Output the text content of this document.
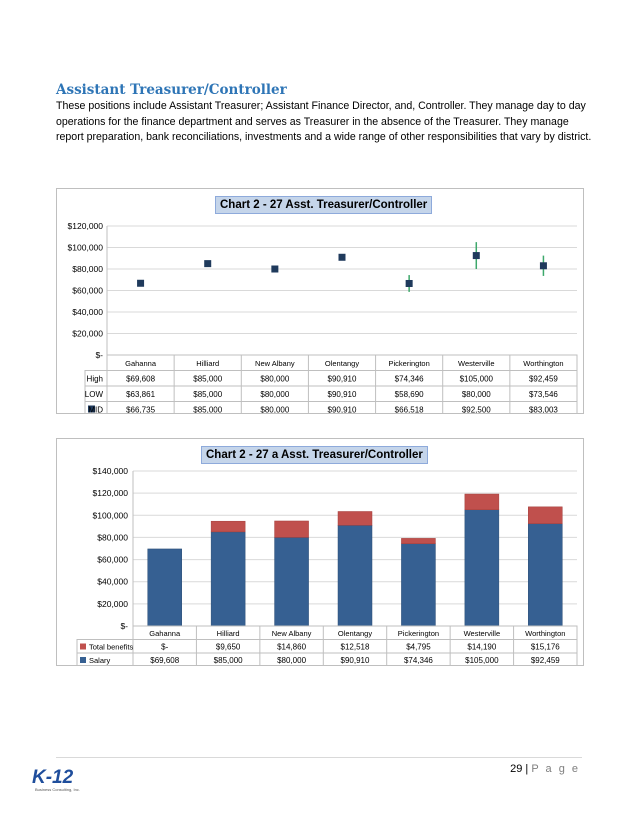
Assistant Treasurer/Controller

These positions include Assistant Treasurer; Assistant Finance Director, and, Controller. They manage day to day operations for the finance department and serves as Treasurer in the absence of the Treasurer. They manage report preparation, bank reconciliations, investments and a wide range of other responsibilities that vary by district.

$-
$20,000
$40,000
$60,000
$80,000
$100,000
$120,000
Gahanna	Hilliard	New Albany	Olentangy	Pickerington	Westerville	Worthington
High	$69,608	$85,000	$80,000	$90,910	$74,346	$105,000	$92,459
LOW	$63,861	$85,000	$80,000	$90,910	$58,690	$80,000	$73,546
MID	$66,735	$85,000	$80,000	$90,910	$66,518	$92,500	$83,003
Chart 2 - 27 Asst. Treasurer/Controller
$-
$20,000
$40,000
$60,000
$80,000
$100,000
$120,000
$140,000
Gahanna	Hilliard	New Albany	Olentangy	Pickerington	Westerville	Worthington
Total benefits	$-	$9,650	$14,860	$12,518	$4,795	$14,190	$15,176
Salary	$69,608	$85,000	$80,000	$90,910	$74,346	$105,000	$92,459
Chart 2 - 27 a Asst. Treasurer/Controller
K-12
Business Consulting, Inc.
29 | P a g e
